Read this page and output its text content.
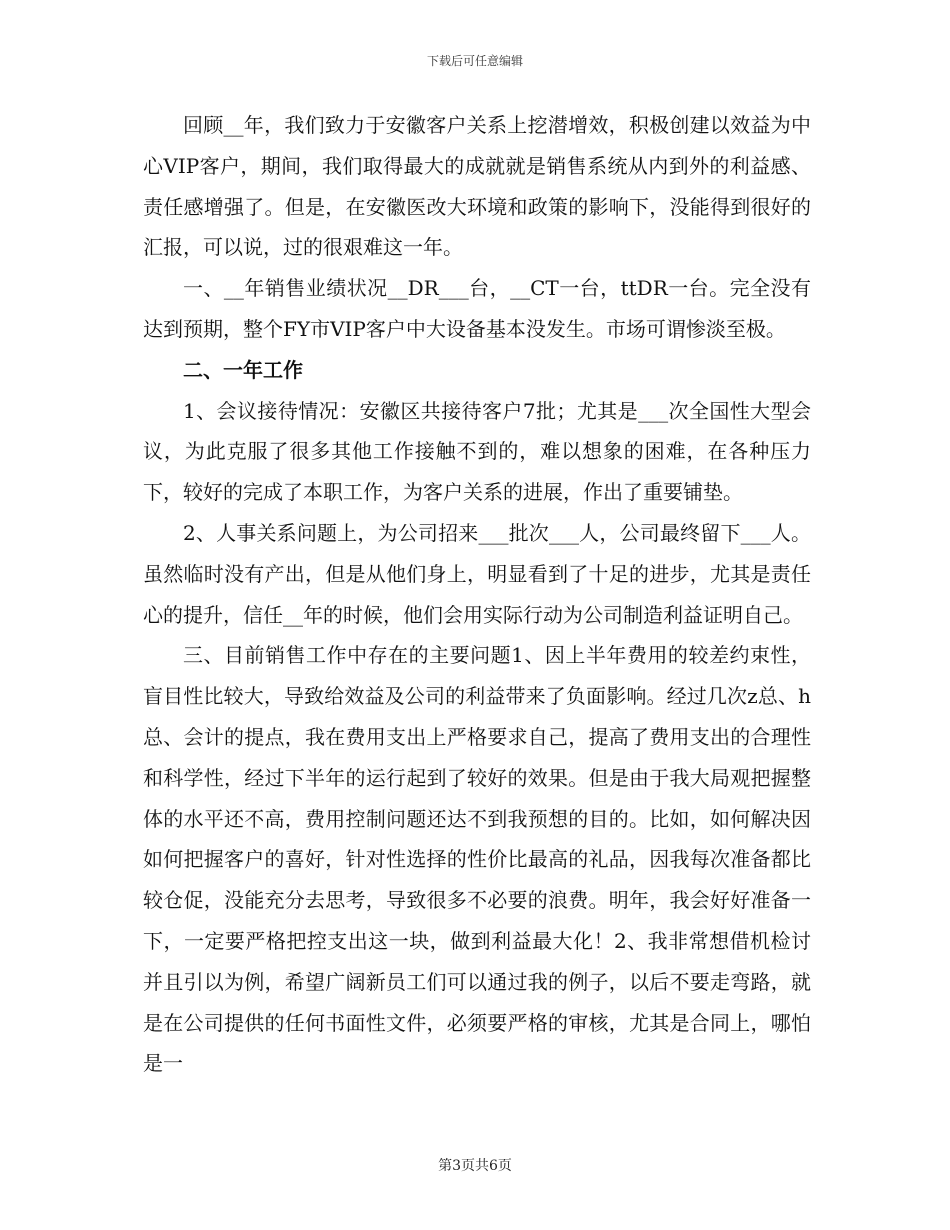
下载后可任意编辑

回顾__年，我们致力于安徽客户关系上挖潜增效，积极创建以效益为中心VIP客户，期间，我们取得最大的成就就是销售系统从内到外的利益感、责任感增强了。但是，在安徽医改大环境和政策的影响下，没能得到很好的汇报，可以说，过的很艰难这一年。

一、__年销售业绩状况__DR___台，__CT一台，ttDR一台。完全没有达到预期，整个FY市VIP客户中大设备基本没发生。市场可谓惨淡至极。

二、一年工作

1、会议接待情况：安徽区共接待客户7批；尤其是___次全国性大型会议，为此克服了很多其他工作接触不到的，难以想象的困难，在各种压力下，较好的完成了本职工作，为客户关系的进展，作出了重要铺垫。

2、人事关系问题上，为公司招来___批次___人，公司最终留下___人。虽然临时没有产出，但是从他们身上，明显看到了十足的进步，尤其是责任心的提升，信任__年的时候，他们会用实际行动为公司制造利益证明自己。

三、目前销售工作中存在的主要问题1、因上半年费用的较差约束性，盲目性比较大，导致给效益及公司的利益带来了负面影响。经过几次z总、h总、会计的提点，我在费用支出上严格要求自己，提高了费用支出的合理性和科学性，经过下半年的运行起到了较好的效果。但是由于我大局观把握整体的水平还不高，费用控制问题还达不到我预想的目的。比如，如何解决因如何把握客户的喜好，针对性选择的性价比最高的礼品，因我每次准备都比较仓促，没能充分去思考，导致很多不必要的浪费。明年，我会好好准备一下，一定要严格把控支出这一块，做到利益最大化！2、我非常想借机检讨并且引以为例，希望广阔新员工们可以通过我的例子，以后不要走弯路，就是在公司提供的任何书面性文件，必须要严格的审核，尤其是合同上，哪怕是一

第3页共6页
